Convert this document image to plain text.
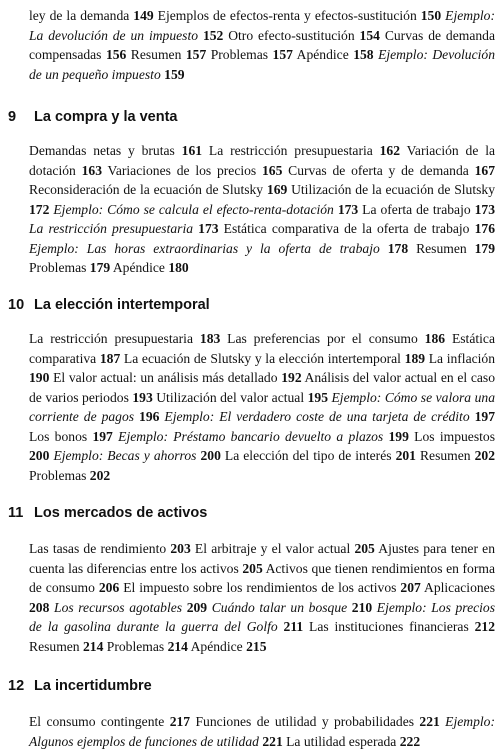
ley de la demanda 149 Ejemplos de efectos-renta y efectos-sustitución 150 Ejemplo: La devolución de un impuesto 152 Otro efecto-sustitución 154 Curvas de demanda compensadas 156 Resumen 157 Problemas 157 Apéndice 158 Ejemplo: Devolución de un pequeño impuesto 159

9 La compra y la venta

Demandas netas y brutas 161 La restricción presupuestaria 162 Variación de la dotación 163 Variaciones de los precios 165 Curvas de oferta y de demanda 167 Reconsideración de la ecuación de Slutsky 169 Utilización de la ecuación de Slutsky 172 Ejemplo: Cómo se calcula el efecto-renta-dotación 173 La oferta de trabajo 173 La restricción presupuestaria 173 Estática comparativa de la oferta de trabajo 176 Ejemplo: Las horas extraordinarias y la oferta de trabajo 178 Resumen 179 Problemas 179 Apéndice 180

10 La elección intertemporal

La restricción presupuestaria 183 Las preferencias por el consumo 186 Estática comparativa 187 La ecuación de Slutsky y la elección intertemporal 189 La inflación 190 El valor actual: un análisis más detallado 192 Análisis del valor actual en el caso de varios periodos 193 Utilización del valor actual 195 Ejemplo: Cómo se valora una corriente de pagos 196 Ejemplo: El verdadero coste de una tarjeta de crédito 197 Los bonos 197 Ejemplo: Préstamo bancario devuelto a plazos 199 Los impuestos 200 Ejemplo: Becas y ahorros 200 La elección del tipo de interés 201 Resumen 202 Problemas 202

11 Los mercados de activos

Las tasas de rendimiento 203 El arbitraje y el valor actual 205 Ajustes para tener en cuenta las diferencias entre los activos 205 Activos que tienen rendimientos en forma de consumo 206 El impuesto sobre los rendimientos de los activos 207 Aplicaciones 208 Los recursos agotables 209 Cuándo talar un bosque 210 Ejemplo: Los precios de la gasolina durante la guerra del Golfo 211 Las instituciones financieras 212 Resumen 214 Problemas 214 Apéndice 215

12 La incertidumbre

El consumo contingente 217 Funciones de utilidad y probabilidades 221 Ejemplo: Algunos ejemplos de funciones de utilidad 221 La utilidad esperada 222
